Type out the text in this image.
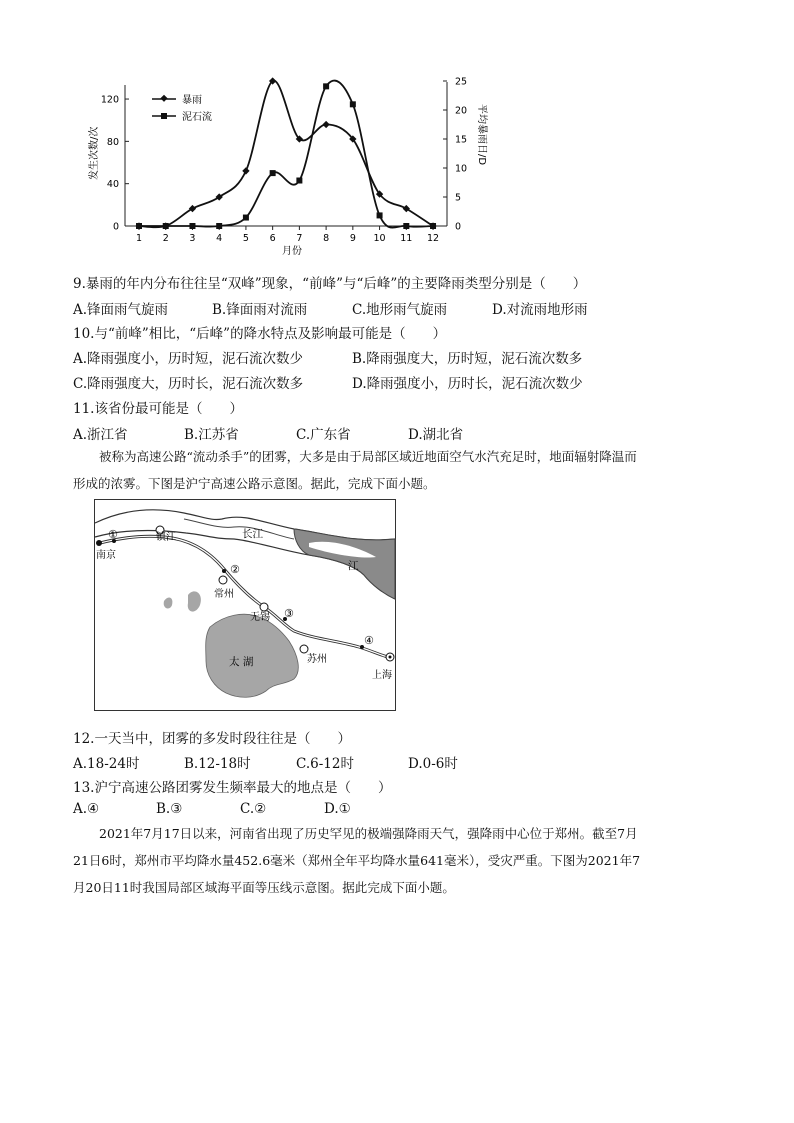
0
40
80
120
0
5
10
15
20
25
1 2 3 4 5 6 7 8 9 10 11 12
发生次数/次	平均暴雨日/D
月份
暴雨
泥石流
9.暴雨的年内分布往往呈“双峰”现象，“前峰”与“后峰”的主要降雨类型分别是（　　）
A.锋面雨气旋雨	B.锋面雨对流雨	C.地形雨气旋雨	D.对流雨地形雨
10.与“前峰”相比，“后峰”的降水特点及影响最可能是（　　）
A.降雨强度小，历时短，泥石流次数少	B.降雨强度大，历时短，泥石流次数多
C.降雨强度大，历时长，泥石流次数多	D.降雨强度小，历时长，泥石流次数少
11.该省份最可能是（　　）
A.浙江省	B.江苏省	C.广东省	D.湖北省
被称为高速公路“流动杀手”的团雾，大多是由于局部区域近地面空气水汽充足时，地面辐射降温而
形成的浓雾。下图是沪宁高速公路示意图。据此，完成下面小题。
①
②
③
④
南京
镇江	长江
江
常州
无锡
苏州
上海
太 湖
12.一天当中，团雾的多发时段往往是（　　）
A.18-24时	B.12-18时	C.6-12时	D.0-6时
13.沪宁高速公路团雾发生频率最大的地点是（　　）
A.④	B.③	C.②	D.①
2021年7月17日以来，河南省出现了历史罕见的极端强降雨天气，强降雨中心位于郑州。截至7月
21日6时，郑州市平均降水量452.6毫米（郑州全年平均降水量641毫米），受灾严重。下图为2021年7
月20日11时我国局部区域海平面等压线示意图。据此完成下面小题。
